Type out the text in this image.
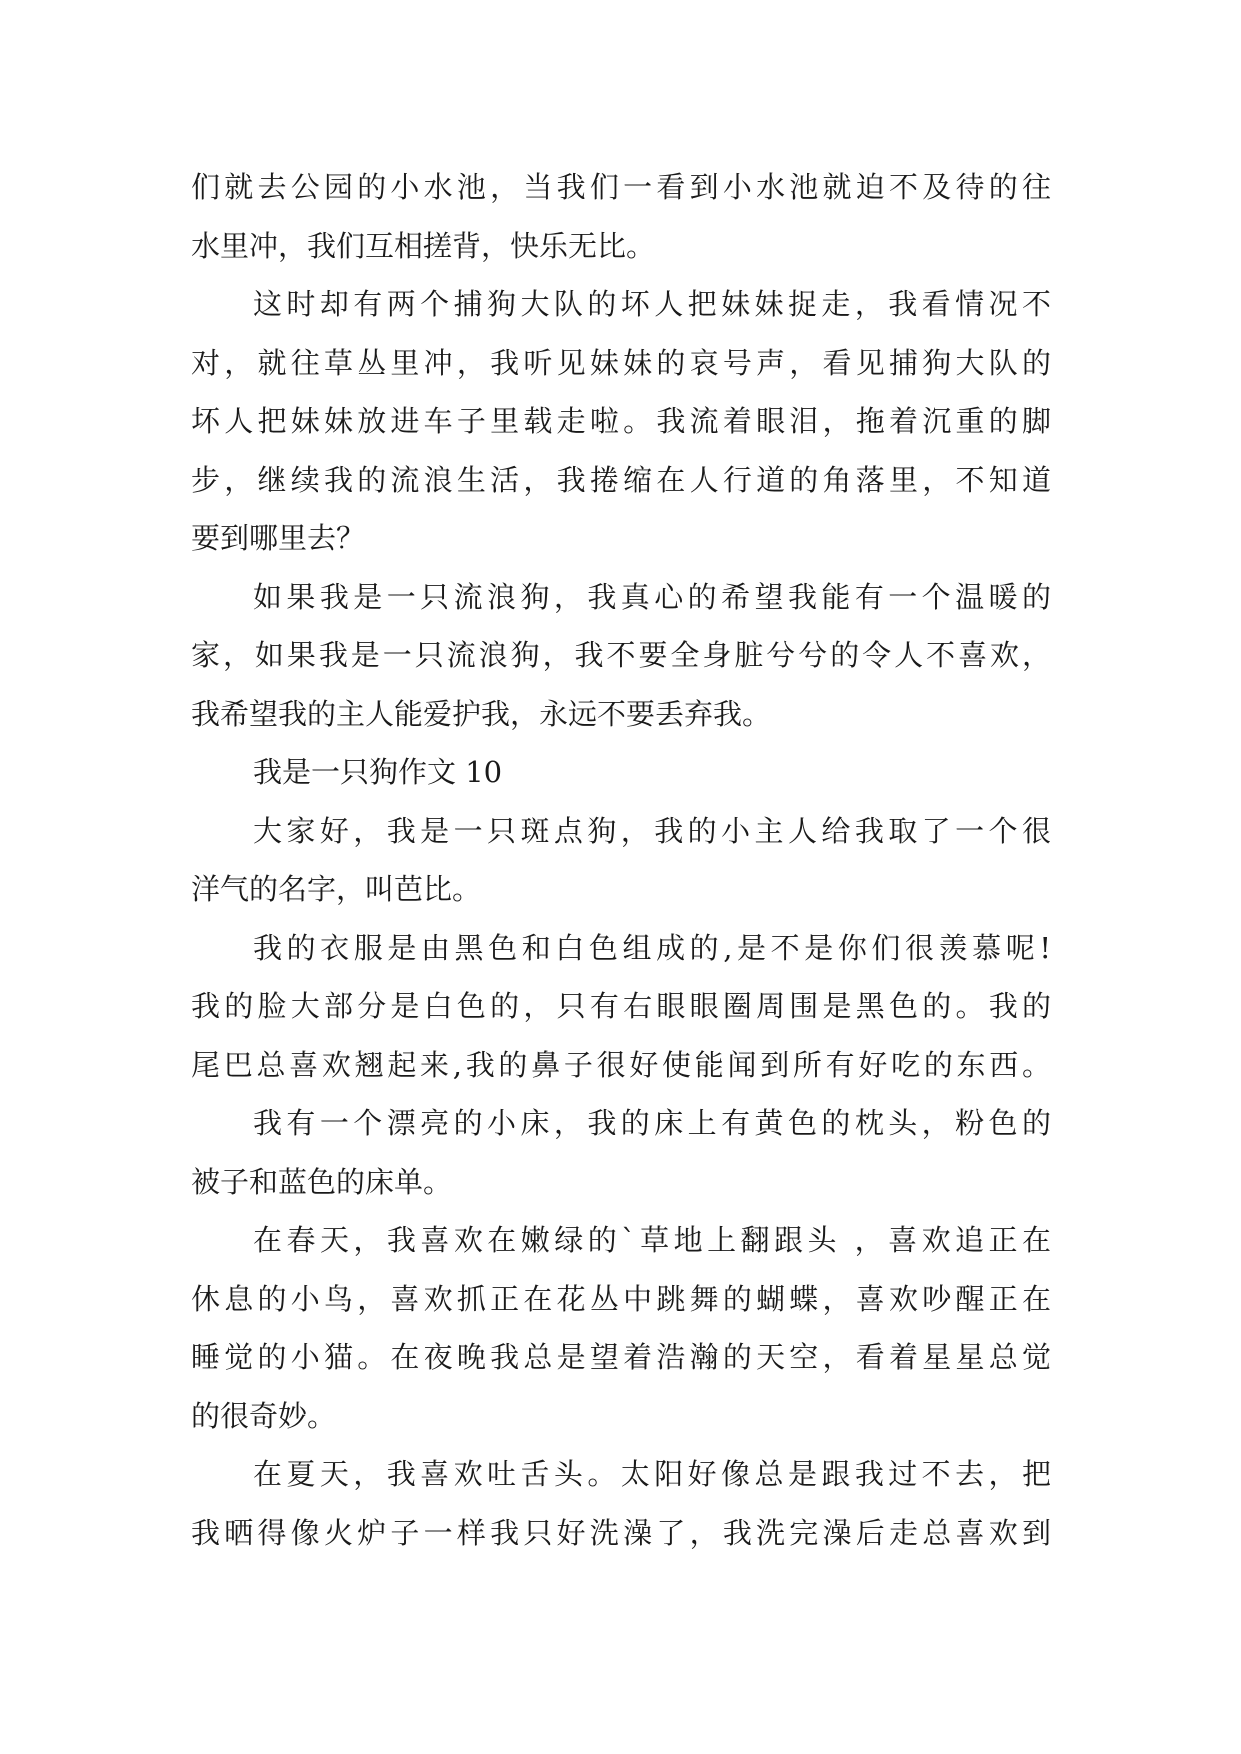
们就去公园的小水池，当我们一看到小水池就迫不及待的往
水里冲，我们互相搓背，快乐无比。
这时却有两个捕狗大队的坏人把妹妹捉走，我看情况不
对，就往草丛里冲，我听见妹妹的哀号声，看见捕狗大队的
坏人把妹妹放进车子里载走啦。我流着眼泪，拖着沉重的脚
步，继续我的流浪生活，我捲缩在人行道的角落里，不知道
要到哪里去？
如果我是一只流浪狗，我真心的希望我能有一个温暖的
家，如果我是一只流浪狗，我不要全身脏兮兮的令人不喜欢，
我希望我的主人能爱护我，永远不要丢弃我。
我是一只狗作文 10
大家好，我是一只斑点狗，我的小主人给我取了一个很
洋气的名字，叫芭比。
我的衣服是由黑色和白色组成的,是不是你们很羡慕呢!
我的脸大部分是白色的，只有右眼眼圈周围是黑色的。我的
尾巴总喜欢翘起来,我的鼻子很好使能闻到所有好吃的东西。
我有一个漂亮的小床，我的床上有黄色的枕头，粉色的
被子和蓝色的床单。
在春天，我喜欢在嫩绿的`草地上翻跟头 ，喜欢追正在
休息的小鸟，喜欢抓正在花丛中跳舞的蝴蝶，喜欢吵醒正在
睡觉的小猫。在夜晚我总是望着浩瀚的天空，看着星星总觉
的很奇妙。
在夏天，我喜欢吐舌头。太阳好像总是跟我过不去，把
我晒得像火炉子一样我只好洗澡了，我洗完澡后走总喜欢到
